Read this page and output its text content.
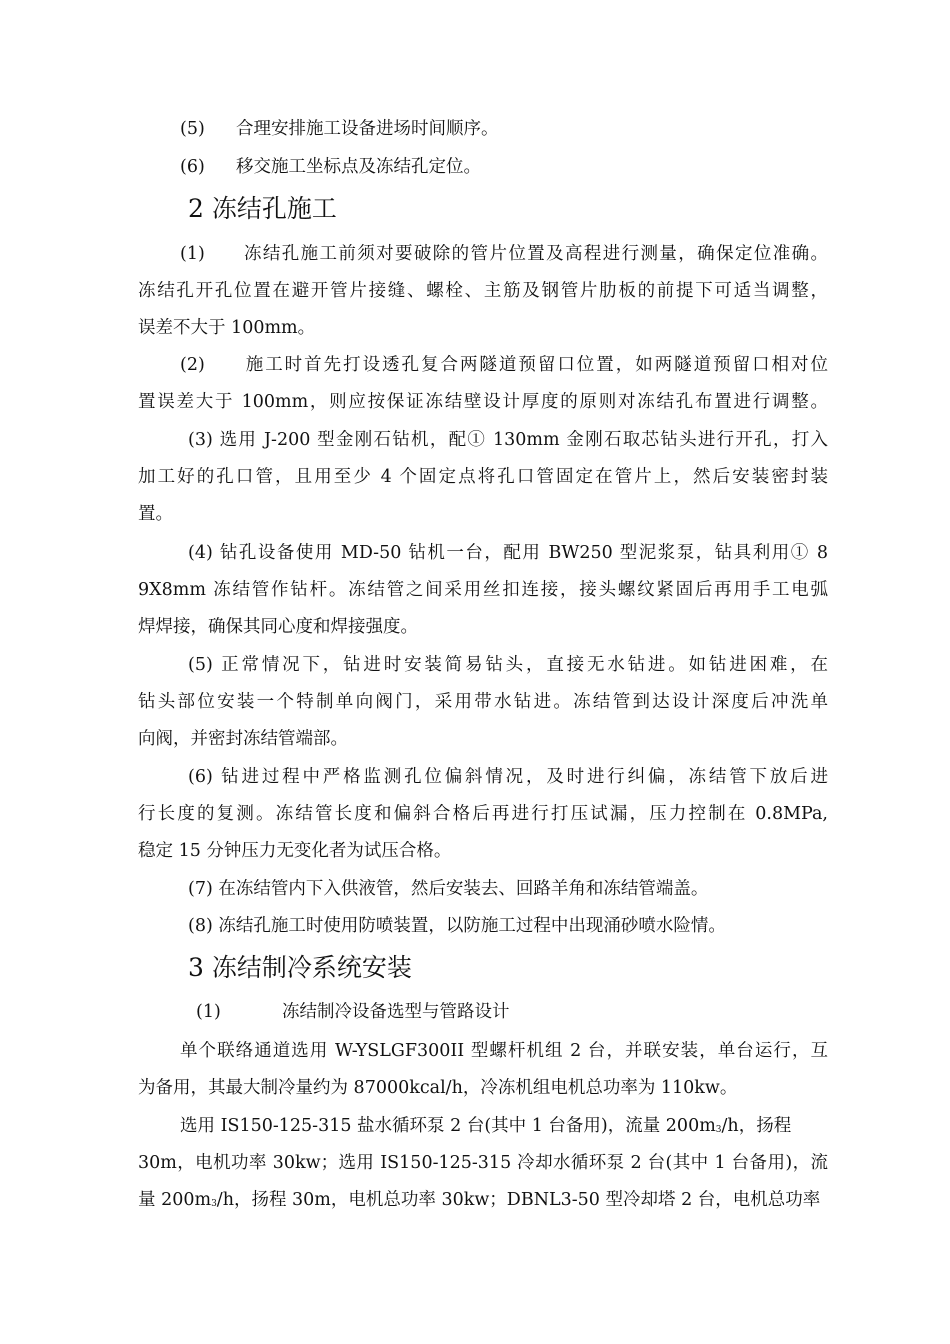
(5) 合理安排施工设备进场时间顺序。
(6) 移交施工坐标点及冻结孔定位。
2 冻结孔施工
(1)　　冻结孔施工前须对要破除的管片位置及高程进行测量，确保定位准确。
冻结孔开孔位置在避开管片接缝、螺栓、主筋及钢管片肋板的前提下可适当调整，
误差不大于 100mm。
(2)　　施工时首先打设透孔复合两隧道预留口位置，如两隧道预留口相对位
置误差大于 100mm，则应按保证冻结壁设计厚度的原则对冻结孔布置进行调整。
(3) 选用 J-200 型金刚石钻机，配① 130mm 金刚石取芯钻头进行开孔，打入
加工好的孔口管，且用至少 4 个固定点将孔口管固定在管片上，然后安装密封装
置。
(4) 钻孔设备使用 MD-50 钻机一台，配用 BW250 型泥浆泵，钻具利用① 8
9X8mm 冻结管作钻杆。冻结管之间采用丝扣连接，接头螺纹紧固后再用手工电弧
焊焊接，确保其同心度和焊接强度。
(5) 正常情况下，钻进时安装简易钻头，直接无水钻进。如钻进困难，在
钻头部位安装一个特制单向阀门，采用带水钻进。冻结管到达设计深度后冲洗单
向阀，并密封冻结管端部。
(6) 钻进过程中严格监测孔位偏斜情况，及时进行纠偏，冻结管下放后进
行长度的复测。冻结管长度和偏斜合格后再进行打压试漏，压力控制在 0.8MPa,
稳定 15 分钟压力无变化者为试压合格。
(7) 在冻结管内下入供液管，然后安装去、回路羊角和冻结管端盖。
(8) 冻结孔施工时使用防喷装置，以防施工过程中出现涌砂喷水险情。
3 冻结制冷系统安装
(1)	冻结制冷设备选型与管路设计
单个联络通道选用 W-YSLGF300II 型螺杆机组 2 台，并联安装，单台运行，互
为备用，其最大制冷量约为 87000kcal/h，冷冻机组电机总功率为 110kw。
选用 IS150-125-315 盐水循环泵 2 台(其中 1 台备用)，流量 $200m_3/h$，扬程
30m，电机功率 30kw；选用 IS150-125-315 冷却水循环泵 2 台(其中 1 台备用)，流
量 $200m_3/h$，扬程 30m，电机总功率 30kw；DBNL3-50 型冷却塔 2 台，电机总功率
